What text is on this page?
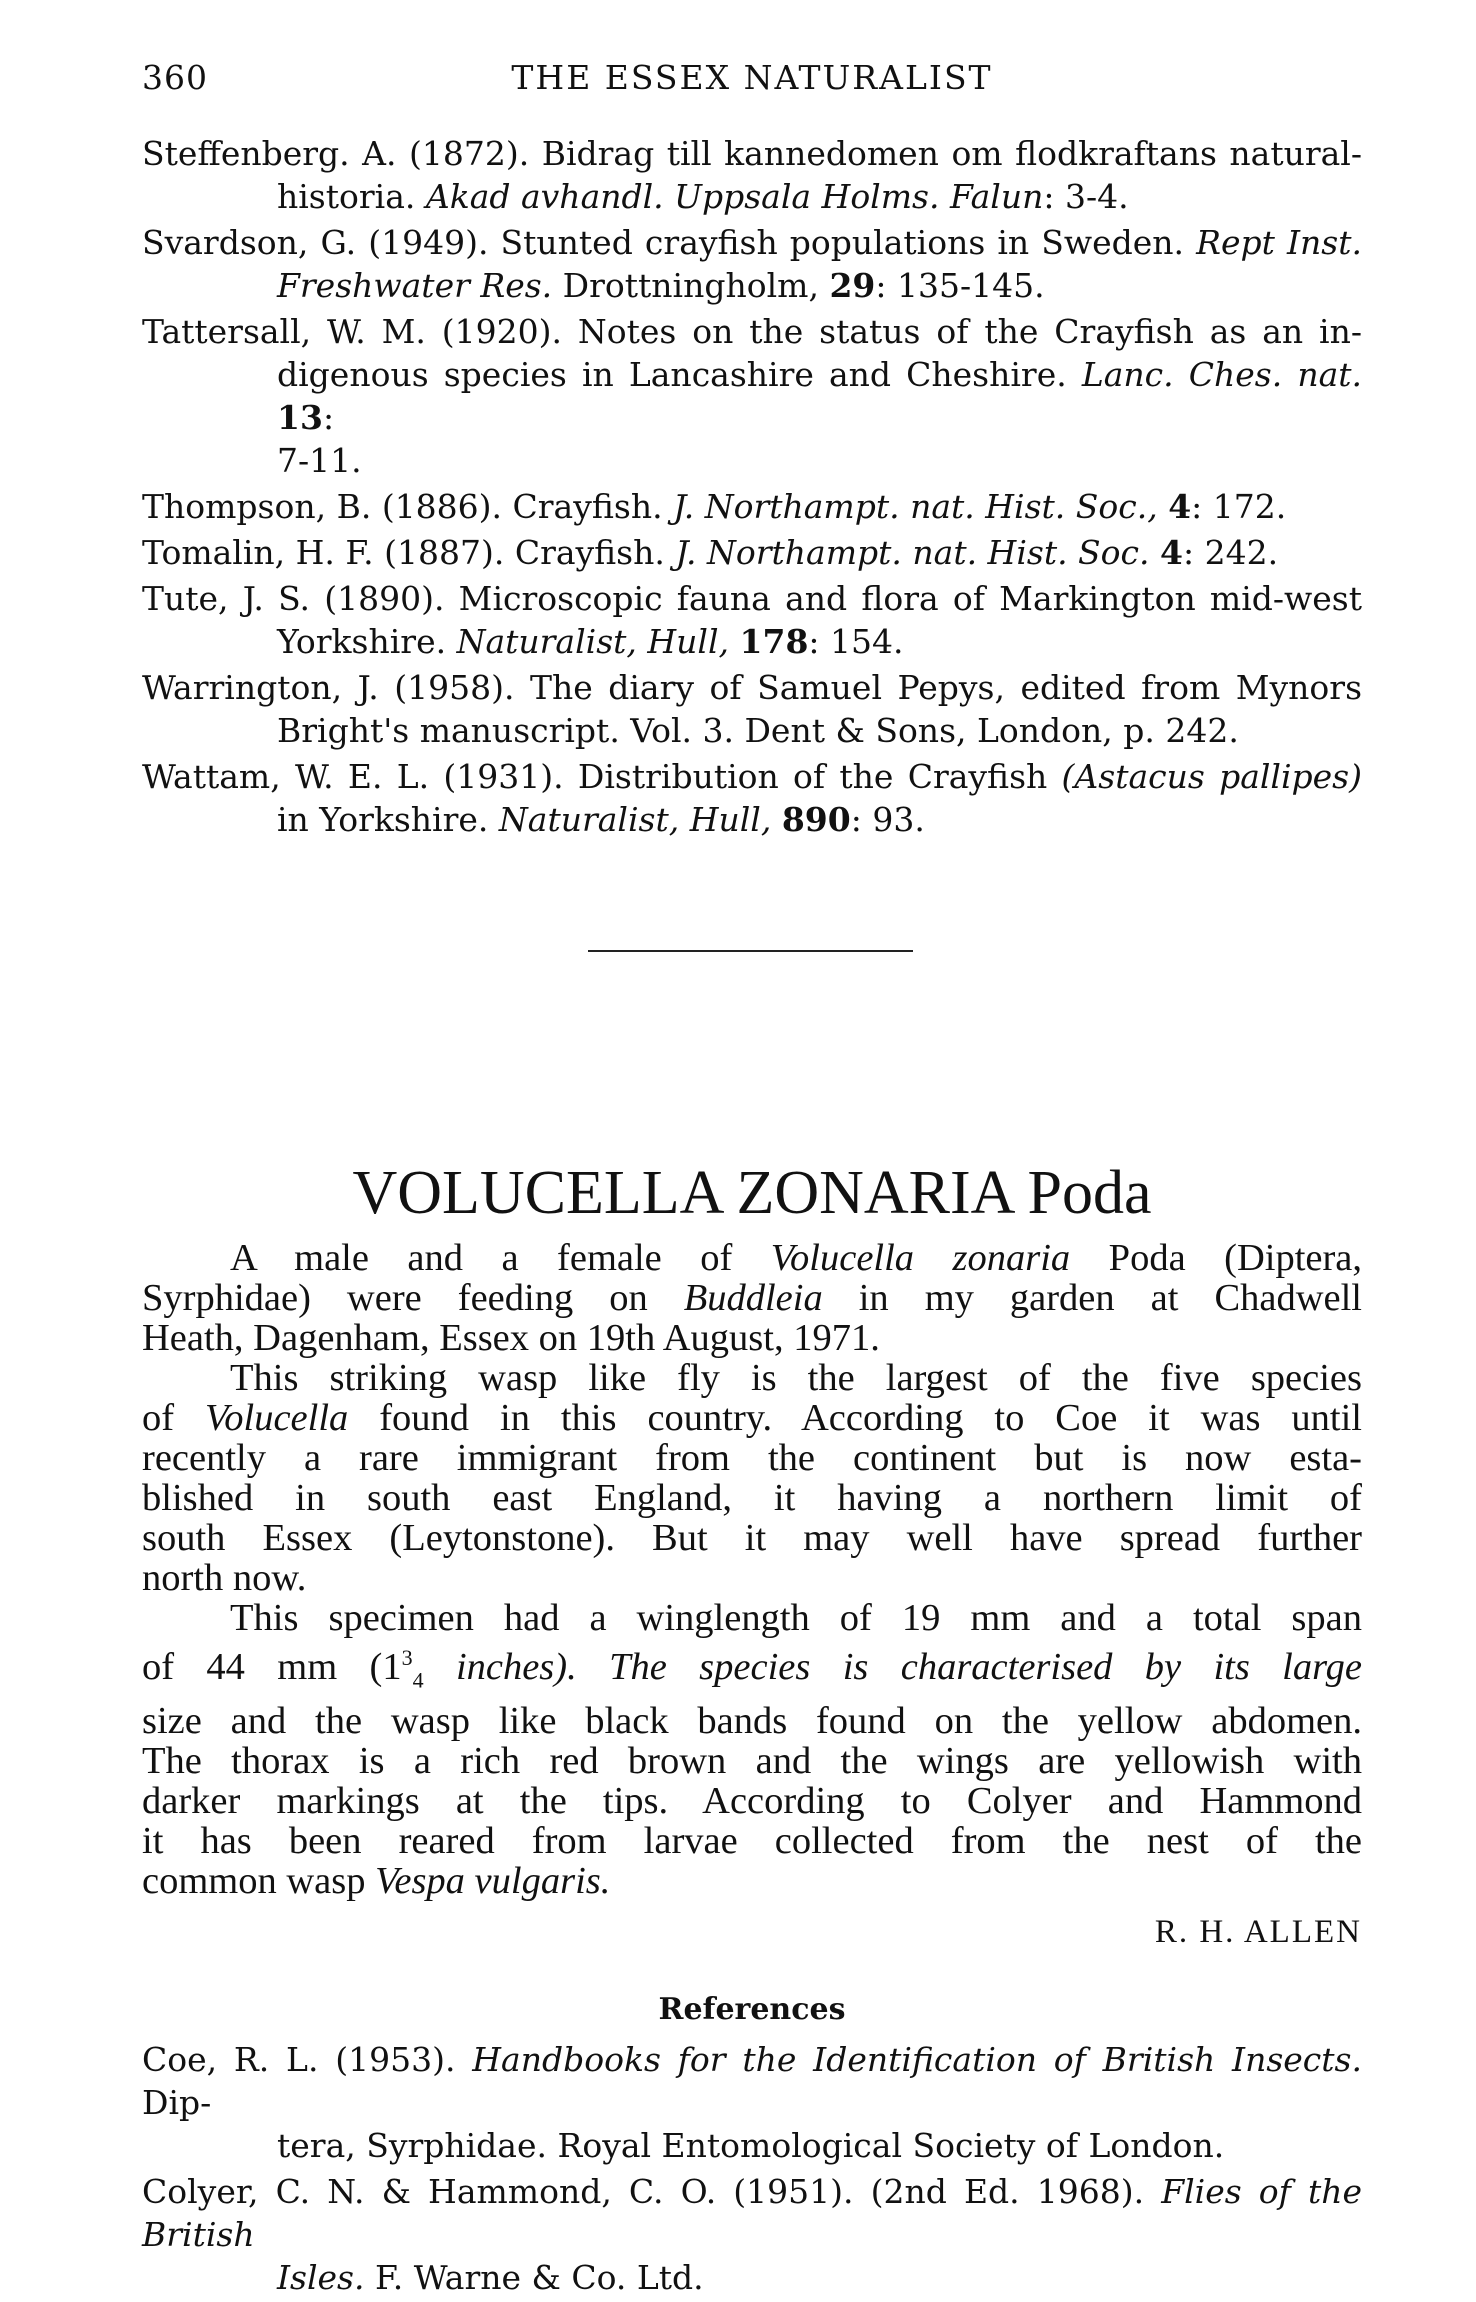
360	THE ESSEX NATURALIST
Steffenberg. A. (1872). Bidrag till kannedomen om flodkraftans natural-
historia. Akad avhandl. Uppsala Holms. Falun: 3-4.
Svardson, G. (1949). Stunted crayfish populations in Sweden. Rept Inst.
Freshwater Res. Drottningholm, 29: 135-145.
Tattersall, W. M. (1920). Notes on the status of the Crayfish as an in-
digenous species in Lancashire and Cheshire. Lanc. Ches. nat. 13:
7-11.
Thompson, B. (1886). Crayfish. J. Northampt. nat. Hist. Soc., 4: 172.
Tomalin, H. F. (1887). Crayfish. J. Northampt. nat. Hist. Soc. 4: 242.
Tute, J. S. (1890). Microscopic fauna and flora of Markington mid-west
Yorkshire. Naturalist, Hull, 178: 154.
Warrington, J. (1958). The diary of Samuel Pepys, edited from Mynors
Bright's manuscript. Vol. 3. Dent & Sons, London, p. 242.
Wattam, W. E. L. (1931). Distribution of the Crayfish (Astacus pallipes)
in Yorkshire. Naturalist, Hull, 890: 93.
VOLUCELLA ZONARIA Poda

A male and a female of Volucella zonaria Poda (Diptera,
Syrphidae) were feeding on Buddleia in my garden at Chadwell
Heath, Dagenham, Essex on 19th August, 1971.

This striking wasp like fly is the largest of the five species
of Volucella found in this country. According to Coe it was until
recently a rare immigrant from the continent but is now esta-
blished in south east England, it having a northern limit of
south Essex (Leytonstone). But it may well have spread further
north now.

This specimen had a winglength of 19 mm and a total span
of 44 mm ($1^3_4$ inches). The species is characterised by its large
size and the wasp like black bands found on the yellow abdomen.
The thorax is a rich red brown and the wings are yellowish with
darker markings at the tips. According to Colyer and Hammond
it has been reared from larvae collected from the nest of the
common wasp Vespa vulgaris.

R. H. ALLEN
References
Coe, R. L. (1953). Handbooks for the Identification of British Insects. Dip-
tera, Syrphidae. Royal Entomological Society of London.
Colyer, C. N. & Hammond, C. O. (1951). (2nd Ed. 1968). Flies of the British
Isles. F. Warne & Co. Ltd.
